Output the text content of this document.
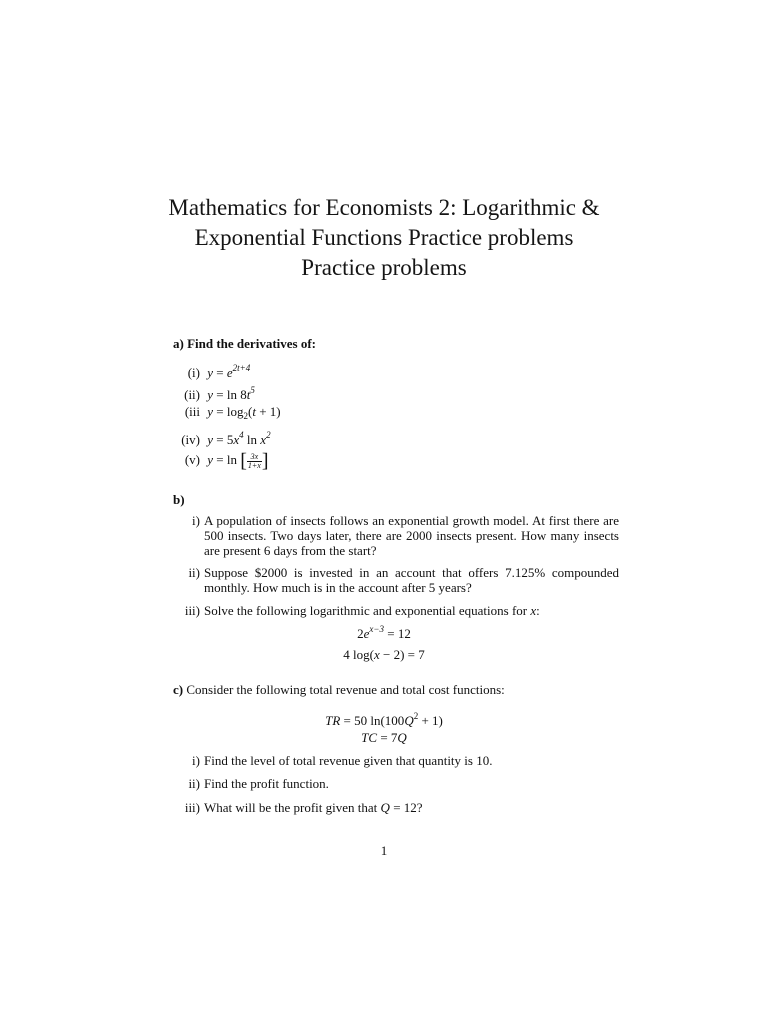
Mathematics for Economists 2: Logarithmic &
Exponential Functions Practice problems
Practice problems
a) Find the derivatives of:
(i) $y = e^{2t+4}$
(ii) $y = \ln 8t^5$
(iii $y = \log_2(t + 1)$
(iv) $y = 5x^4$ $\ln x^2$
(v) y = ln [ $\frac{3x}{1+x}$ ]
b)
i) A population of insects follows an exponential growth model. At first there are 500 insects. Two days later, there are 2000 insects present. How many insects are present 6 days from the start?
ii) Suppose $2000 is invested in an account that offers 7.125% compounded monthly. How much is in the account after 5 years?
iii) Solve the following logarithmic and exponential equations for x:
$2e^{x-3} = 12$
4 log(x − 2) = 7
c) Consider the following total revenue and total cost functions:
TR = 50 $\ln(100Q^2 + 1)$
TC = 7Q
i) Find the level of total revenue given that quantity is 10.
ii) Find the profit function.
iii) What will be the profit given that Q = 12?
1
